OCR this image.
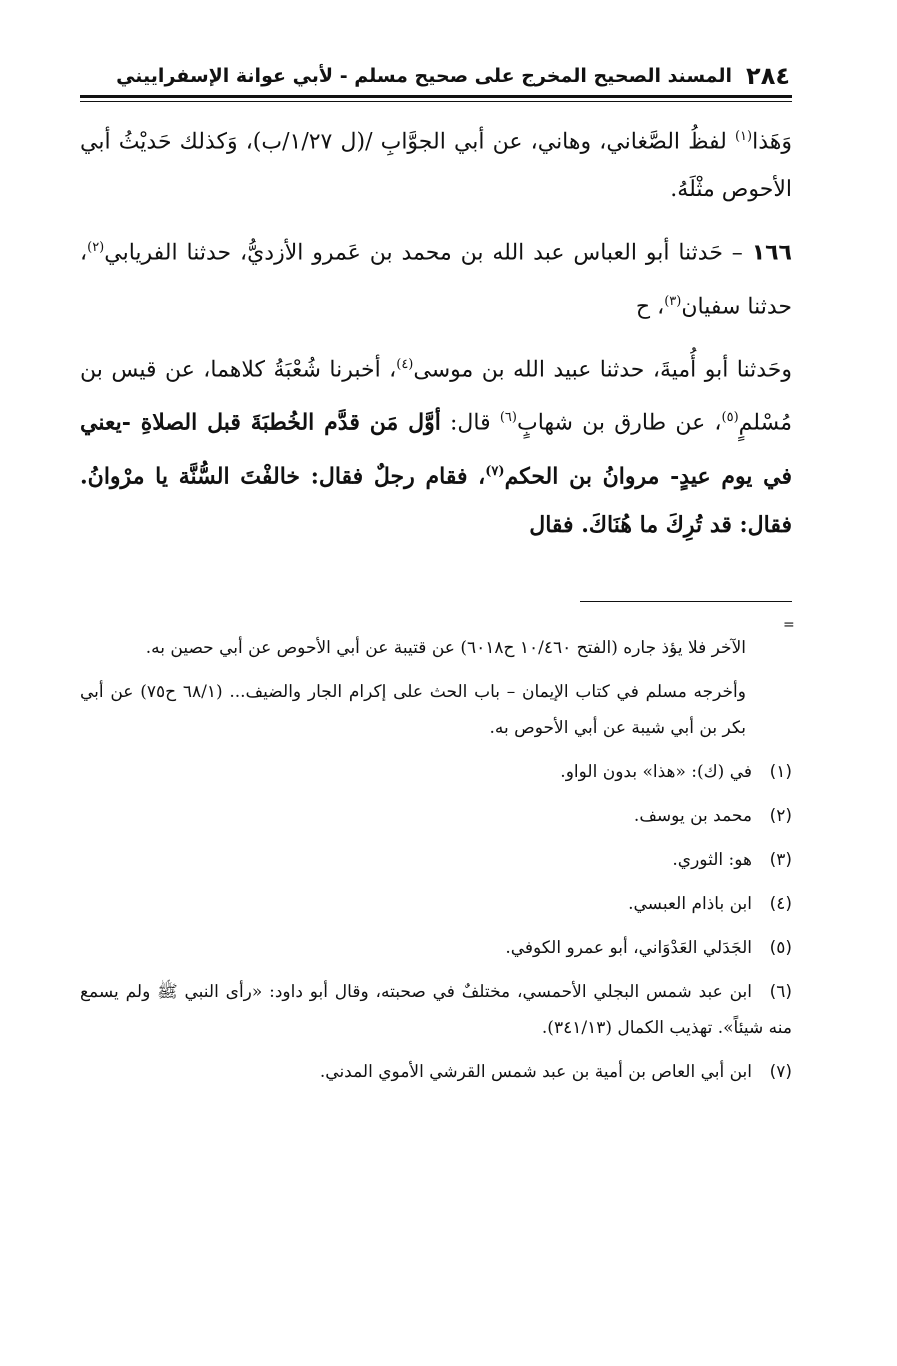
٢٨٤
المسند الصحيح المخرج على صحيح مسلم - لأبي عوانة الإسفراييني

وَهَذا$^{(١)}$ لفظُ الصَّغاني، وهاني، عن أبي الجوَّابِ /(ل ١/٢٧/ب)، وَكذلك حَديْثُ أبي الأحوص مثْلَهُ.

١٦٦ – حَدثنا أبو العباس عبد الله بن محمد بن عَمرو الأزديُّ، حدثنا الفريابي$^{(٢)}$، حدثنا سفيان$^{(٣)}$، ح

وحَدثنا أبو أُميةَ، حدثنا عبيد الله بن موسى$^{(٤)}$، أخبرنا شُعْبَةُ كلاهما، عن قيس بن مُسْلمٍ$^{(٥)}$، عن طارق بن شهابٍ$^{(٦)}$ قال: أوَّل مَن قدَّم الخُطبَةَ قبل الصلاةِ -يعني في يوم عيدٍ- مروانُ بن الحكم$^{(٧)}$، فقام رجلٌ فقال: خالفْتَ السُّنَّة يا مرْوانُ. فقال: قد تُرِكَ ما هُنَاكَ. فقال

=

الآخر فلا يؤذ جاره (الفتح ١٠/٤٦٠ ح٦٠١٨) عن قتيبة عن أبي الأحوص عن أبي حصين به.

وأخرجه مسلم في كتاب الإيمان – باب الحث على إكرام الجار والضيف... (٦٨/١ ح٧٥) عن أبي بكر بن أبي شيبة عن أبي الأحوص به.

(١)في (ك): «هذا» بدون الواو.

(٢)محمد بن يوسف.

(٣)هو: الثوري.

(٤)ابن باذام العبسي.

(٥)الجَدَلي العَدْوَاني، أبو عمرو الكوفي.

(٦)ابن عبد شمس البجلي الأحمسي، مختلفٌ في صحبته، وقال أبو داود: «رأى النبي ﷺ ولم يسمع منه شيئاً». تهذيب الكمال (٣٤١/١٣).

(٧)ابن أبي العاص بن أمية بن عبد شمس القرشي الأموي المدني.
